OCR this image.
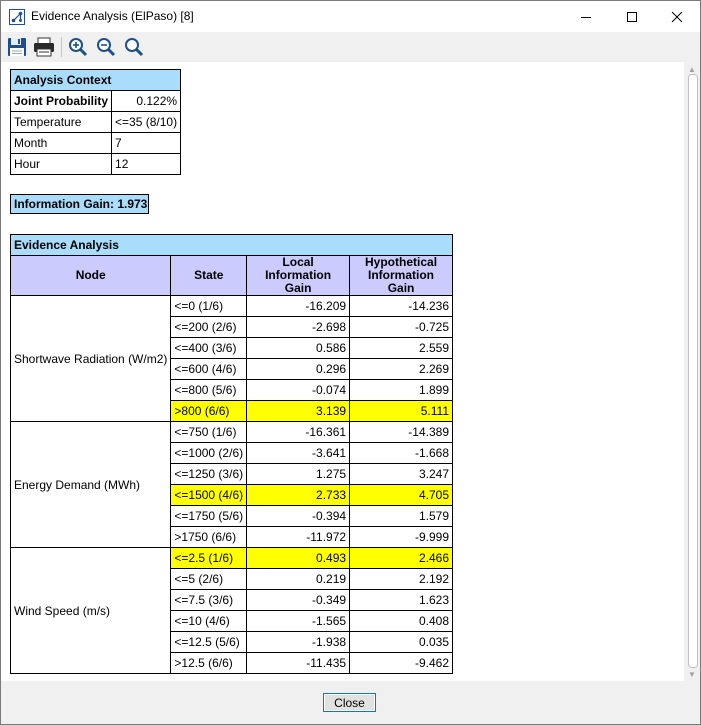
Evidence Analysis (ElPaso) [8]
Analysis Context	
Joint Probability	0.122%
Temperature	<=35 (8/10)
Month	7
Hour	12
Information Gain: 1.973
Evidence Analysis			
Node	State	Local Information Gain	Hypothetical Information Gain
Shortwave Radiation (W/m2)	<=0 (1/6)	-16.209	-14.236
	<=200 (2/6)	-2.698	-0.725
	<=400 (3/6)	0.586	2.559
	<=600 (4/6)	0.296	2.269
	<=800 (5/6)	-0.074	1.899
	>800 (6/6)	3.139	5.111
Energy Demand (MWh)	<=750 (1/6)	-16.361	-14.389
	<=1000 (2/6)	-3.641	-1.668
	<=1250 (3/6)	1.275	3.247
	<=1500 (4/6)	2.733	4.705
	<=1750 (5/6)	-0.394	1.579
	>1750 (6/6)	-11.972	-9.999
Wind Speed (m/s)	<=2.5 (1/6)	0.493	2.466
	<=5 (2/6)	0.219	2.192
	<=7.5 (3/6)	-0.349	1.623
	<=10 (4/6)	-1.565	0.408
	<=12.5 (5/6)	-1.938	0.035
	>12.5 (6/6)	-11.435	-9.462
▲
▼
Close
